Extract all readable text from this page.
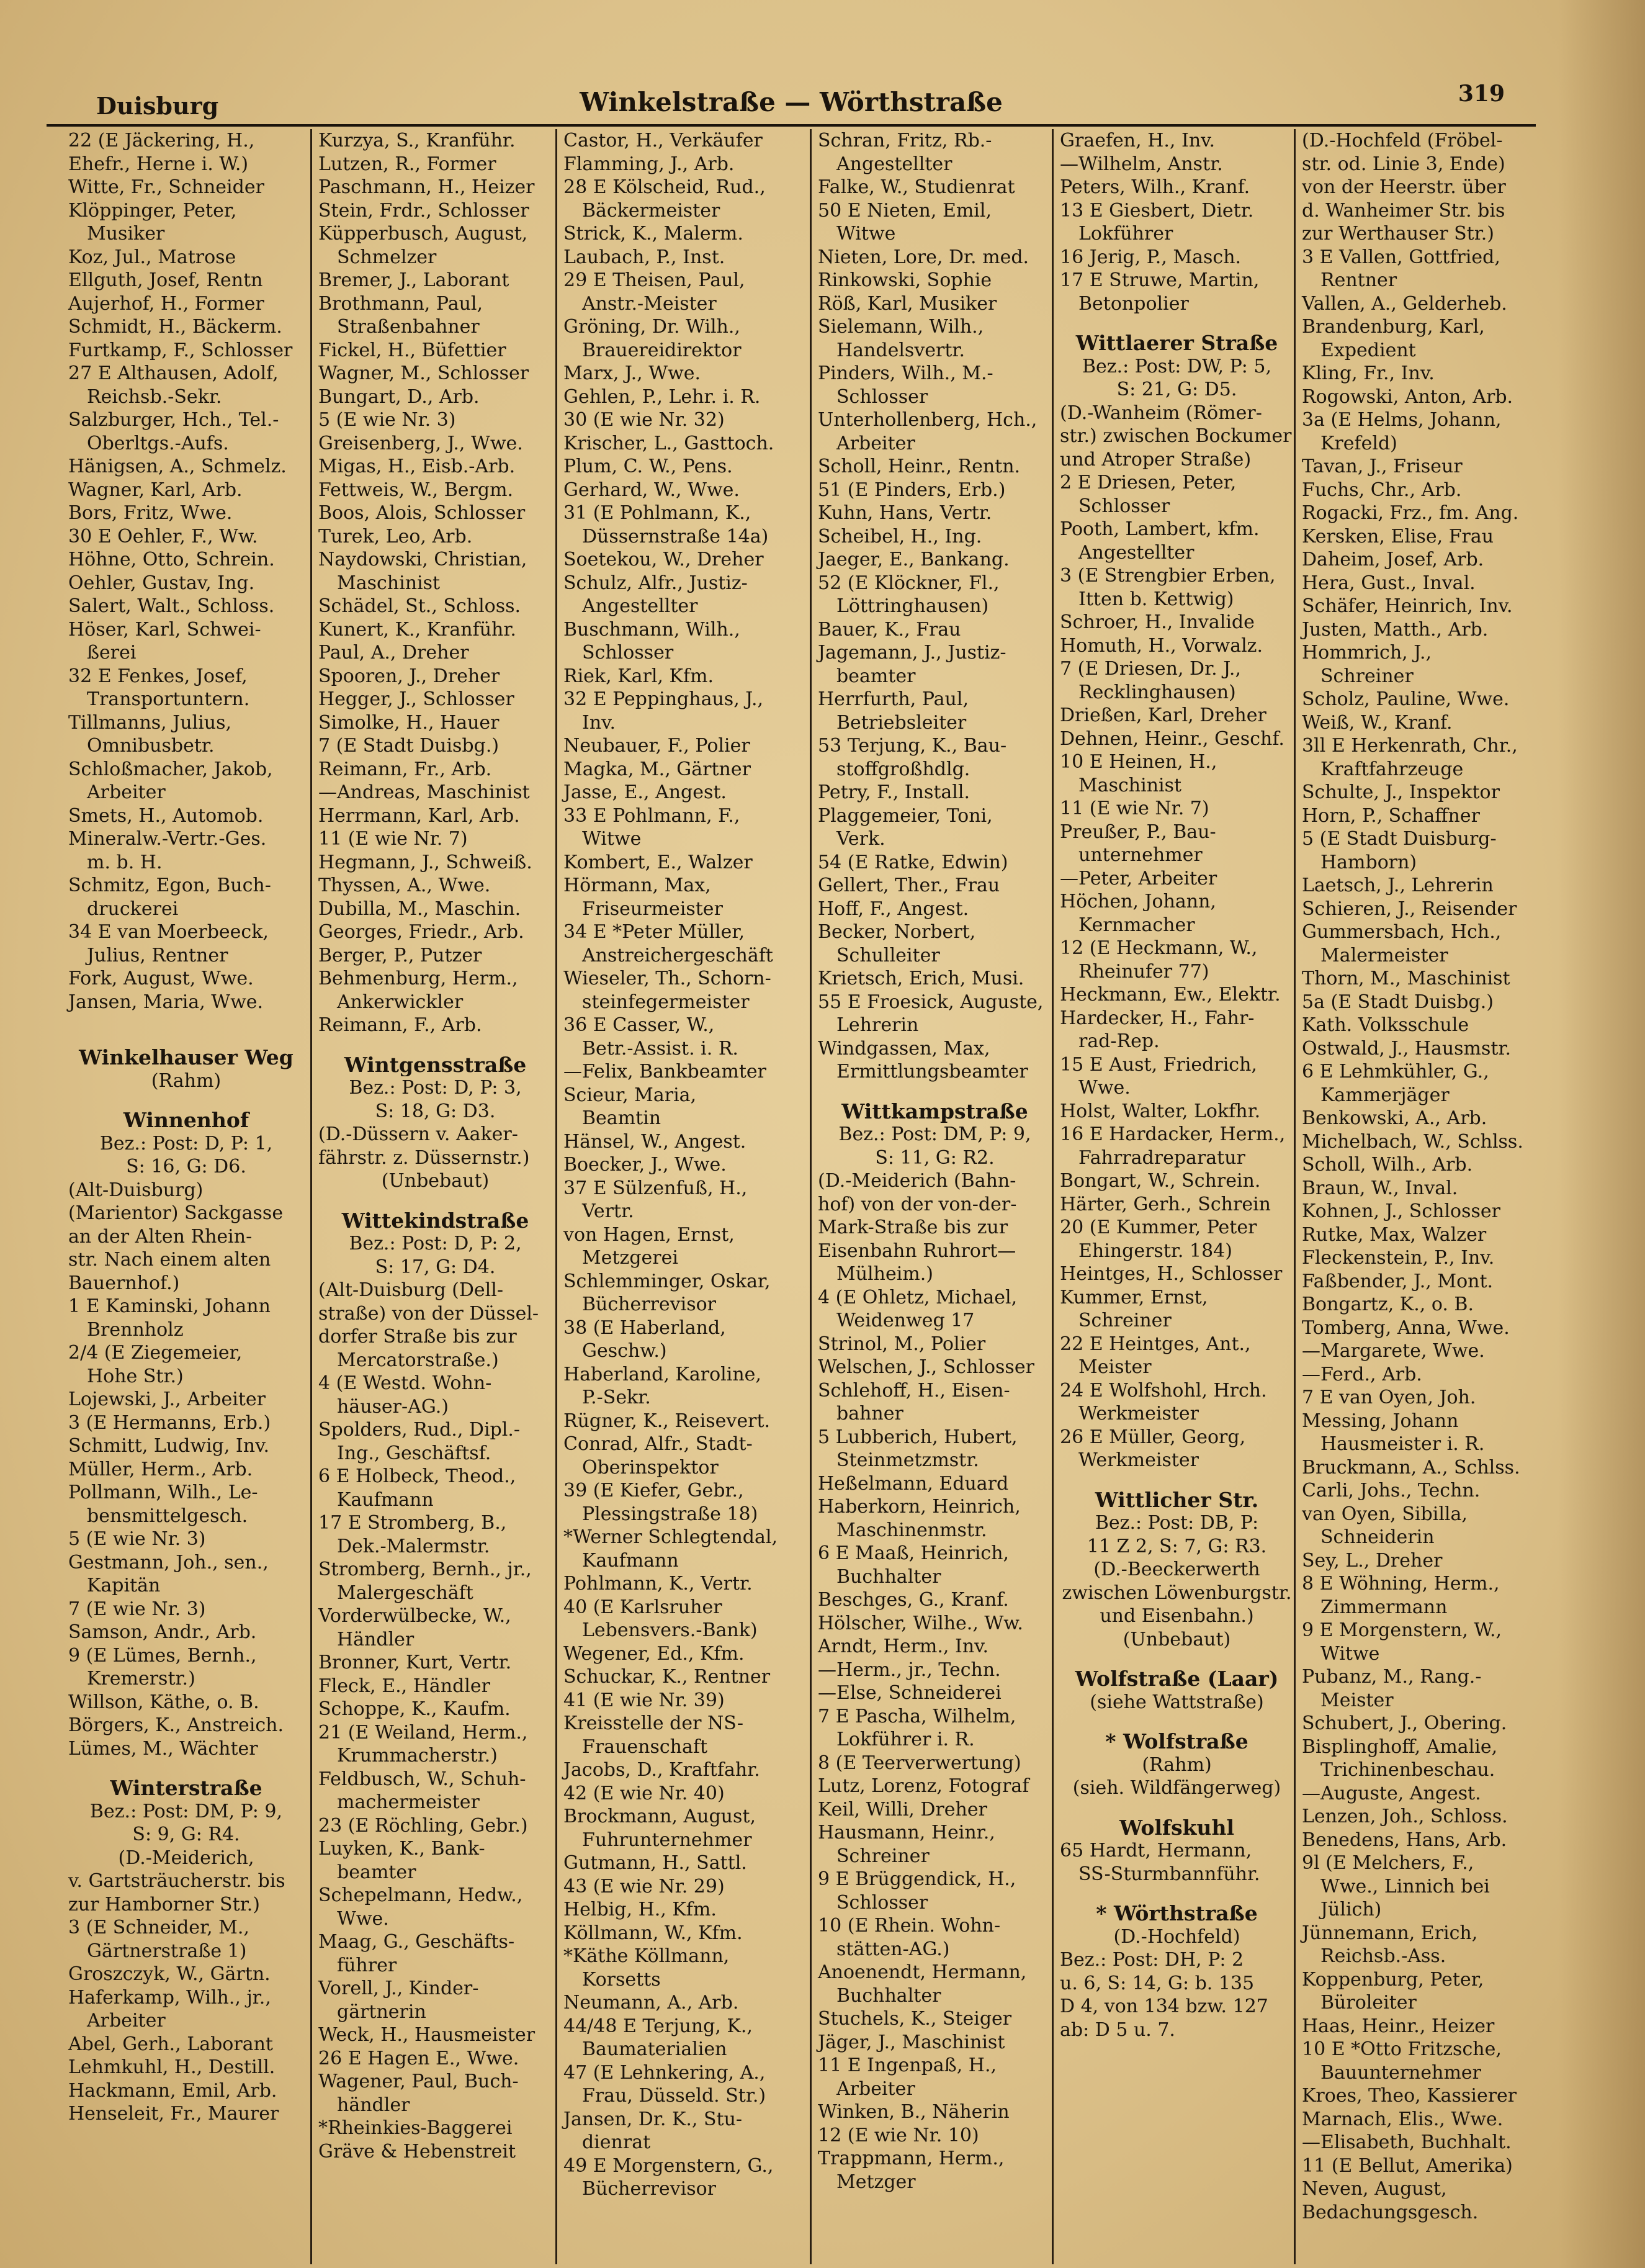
Duisburg	Winkelstraße — Wörthstraße	319
22 (E Jäckering, H.,
Ehefr., Herne i. W.)
Witte, Fr., Schneider
Klöppinger, Peter,
Musiker
Koz, Jul., Matrose
Ellguth, Josef, Rentn
Aujerhof, H., Former
Schmidt, H., Bäckerm.
Furtkamp, F., Schlosser
27 E Althausen, Adolf,
Reichsb.-Sekr.
Salzburger, Hch., Tel.-
Oberltgs.-Aufs.
Hänigsen, A., Schmelz.
Wagner, Karl, Arb.
Bors, Fritz, Wwe.
30 E Oehler, F., Ww.
Höhne, Otto, Schrein.
Oehler, Gustav, Ing.
Salert, Walt., Schloss.
Höser, Karl, Schwei-
ßerei
32 E Fenkes, Josef,
Transportuntern.
Tillmanns, Julius,
Omnibusbetr.
Schloßmacher, Jakob,
Arbeiter
Smets, H., Automob.
Mineralw.-Vertr.-Ges.
m. b. H.
Schmitz, Egon, Buch-
druckerei
34 E van Moerbeeck,
Julius, Rentner
Fork, August, Wwe.
Jansen, Maria, Wwe.
Winkelhauser Weg
(Rahm)
Winnenhof
Bez.: Post: D, P: 1,
S: 16, G: D6.
(Alt-Duisburg)
(Marientor) Sackgasse
an der Alten Rhein-
str. Nach einem alten
Bauernhof.)
1 E Kaminski, Johann
Brennholz
2/4 (E Ziegemeier,
Hohe Str.)
Lojewski, J., Arbeiter
3 (E Hermanns, Erb.)
Schmitt, Ludwig, Inv.
Müller, Herm., Arb.
Pollmann, Wilh., Le-
bensmittelgesch.
5 (E wie Nr. 3)
Gestmann, Joh., sen.,
Kapitän
7 (E wie Nr. 3)
Samson, Andr., Arb.
9 (E Lümes, Bernh.,
Kremerstr.)
Willson, Käthe, o. B.
Börgers, K., Anstreich.
Lümes, M., Wächter
Winterstraße
Bez.: Post: DM, P: 9,
S: 9, G: R4.
(D.-Meiderich,
v. Gartsträucherstr. bis
zur Hamborner Str.)
3 (E Schneider, M.,
Gärtnerstraße 1)
Groszczyk, W., Gärtn.
Haferkamp, Wilh., jr.,
Arbeiter
Abel, Gerh., Laborant
Lehmkuhl, H., Destill.
Hackmann, Emil, Arb.
Henseleit, Fr., Maurer
Kurzya, S., Kranführ.
Lutzen, R., Former
Paschmann, H., Heizer
Stein, Frdr., Schlosser
Küpperbusch, August,
Schmelzer
Bremer, J., Laborant
Brothmann, Paul,
Straßenbahner
Fickel, H., Büfettier
Wagner, M., Schlosser
Bungart, D., Arb.
5 (E wie Nr. 3)
Greisenberg, J., Wwe.
Migas, H., Eisb.-Arb.
Fettweis, W., Bergm.
Boos, Alois, Schlosser
Turek, Leo, Arb.
Naydowski, Christian,
Maschinist
Schädel, St., Schloss.
Kunert, K., Kranführ.
Paul, A., Dreher
Spooren, J., Dreher
Hegger, J., Schlosser
Simolke, H., Hauer
7 (E Stadt Duisbg.)
Reimann, Fr., Arb.
—Andreas, Maschinist
Herrmann, Karl, Arb.
11 (E wie Nr. 7)
Hegmann, J., Schweiß.
Thyssen, A., Wwe.
Dubilla, M., Maschin.
Georges, Friedr., Arb.
Berger, P., Putzer
Behmenburg, Herm.,
Ankerwickler
Reimann, F., Arb.
Wintgensstraße
Bez.: Post: D, P: 3,
S: 18, G: D3.
(D.-Düssern v. Aaker-
fährstr. z. Düssernstr.)
(Unbebaut)
Wittekindstraße
Bez.: Post: D, P: 2,
S: 17, G: D4.
(Alt-Duisburg (Dell-
straße) von der Düssel-
dorfer Straße bis zur
Mercatorstraße.)
4 (E Westd. Wohn-
häuser-AG.)
Spolders, Rud., Dipl.-
Ing., Geschäftsf.
6 E Holbeck, Theod.,
Kaufmann
17 E Stromberg, B.,
Dek.-Malermstr.
Stromberg, Bernh., jr.,
Malergeschäft
Vorderwülbecke, W.,
Händler
Bronner, Kurt, Vertr.
Fleck, E., Händler
Schoppe, K., Kaufm.
21 (E Weiland, Herm.,
Krummacherstr.)
Feldbusch, W., Schuh-
machermeister
23 (E Röchling, Gebr.)
Luyken, K., Bank-
beamter
Schepelmann, Hedw.,
Wwe.
Maag, G., Geschäfts-
führer
Vorell, J., Kinder-
gärtnerin
Weck, H., Hausmeister
26 E Hagen E., Wwe.
Wagener, Paul, Buch-
händler
*Rheinkies-Baggerei
Gräve & Hebenstreit
Castor, H., Verkäufer
Flamming, J., Arb.
28 E Kölscheid, Rud.,
Bäckermeister
Strick, K., Malerm.
Laubach, P., Inst.
29 E Theisen, Paul,
Anstr.-Meister
Gröning, Dr. Wilh.,
Brauereidirektor
Marx, J., Wwe.
Gehlen, P., Lehr. i. R.
30 (E wie Nr. 32)
Krischer, L., Gasttoch.
Plum, C. W., Pens.
Gerhard, W., Wwe.
31 (E Pohlmann, K.,
Düssernstraße 14a)
Soetekou, W., Dreher
Schulz, Alfr., Justiz-
Angestellter
Buschmann, Wilh.,
Schlosser
Riek, Karl, Kfm.
32 E Peppinghaus, J.,
Inv.
Neubauer, F., Polier
Magka, M., Gärtner
Jasse, E., Angest.
33 E Pohlmann, F.,
Witwe
Kombert, E., Walzer
Hörmann, Max,
Friseurmeister
34 E *Peter Müller,
Anstreichergeschäft
Wieseler, Th., Schorn-
steinfegermeister
36 E Casser, W.,
Betr.-Assist. i. R.
—Felix, Bankbeamter
Scieur, Maria,
Beamtin
Hänsel, W., Angest.
Boecker, J., Wwe.
37 E Sülzenfuß, H.,
Vertr.
von Hagen, Ernst,
Metzgerei
Schlemminger, Oskar,
Bücherrevisor
38 (E Haberland,
Geschw.)
Haberland, Karoline,
P.-Sekr.
Rügner, K., Reisevert.
Conrad, Alfr., Stadt-
Oberinspektor
39 (E Kiefer, Gebr.,
Plessingstraße 18)
*Werner Schlegtendal,
Kaufmann
Pohlmann, K., Vertr.
40 (E Karlsruher
Lebensvers.-Bank)
Wegener, Ed., Kfm.
Schuckar, K., Rentner
41 (E wie Nr. 39)
Kreisstelle der NS-
Frauenschaft
Jacobs, D., Kraftfahr.
42 (E wie Nr. 40)
Brockmann, August,
Fuhrunternehmer
Gutmann, H., Sattl.
43 (E wie Nr. 29)
Helbig, H., Kfm.
Köllmann, W., Kfm.
*Käthe Köllmann,
Korsetts
Neumann, A., Arb.
44/48 E Terjung, K.,
Baumaterialien
47 (E Lehnkering, A.,
Frau, Düsseld. Str.)
Jansen, Dr. K., Stu-
dienrat
49 E Morgenstern, G.,
Bücherrevisor
Schran, Fritz, Rb.-
Angestellter
Falke, W., Studienrat
50 E Nieten, Emil,
Witwe
Nieten, Lore, Dr. med.
Rinkowski, Sophie
Röß, Karl, Musiker
Sielemann, Wilh.,
Handelsvertr.
Pinders, Wilh., M.-
Schlosser
Unterhollenberg, Hch.,
Arbeiter
Scholl, Heinr., Rentn.
51 (E Pinders, Erb.)
Kuhn, Hans, Vertr.
Scheibel, H., Ing.
Jaeger, E., Bankang.
52 (E Klöckner, Fl.,
Löttringhausen)
Bauer, K., Frau
Jagemann, J., Justiz-
beamter
Herrfurth, Paul,
Betriebsleiter
53 Terjung, K., Bau-
stoffgroßhdlg.
Petry, F., Install.
Plaggemeier, Toni,
Verk.
54 (E Ratke, Edwin)
Gellert, Ther., Frau
Hoff, F., Angest.
Becker, Norbert,
Schulleiter
Krietsch, Erich, Musi.
55 E Froesick, Auguste,
Lehrerin
Windgassen, Max,
Ermittlungsbeamter
Wittkampstraße
Bez.: Post: DM, P: 9,
S: 11, G: R2.
(D.-Meiderich (Bahn-
hof) von der von-der-
Mark-Straße bis zur
Eisenbahn Ruhrort—
Mülheim.)
4 (E Ohletz, Michael,
Weidenweg 17
Strinol, M., Polier
Welschen, J., Schlosser
Schlehoff, H., Eisen-
bahner
5 Lubberich, Hubert,
Steinmetzmstr.
Heßelmann, Eduard
Haberkorn, Heinrich,
Maschinenmstr.
6 E Maaß, Heinrich,
Buchhalter
Beschges, G., Kranf.
Hölscher, Wilhe., Ww.
Arndt, Herm., Inv.
—Herm., jr., Techn.
—Else, Schneiderei
7 E Pascha, Wilhelm,
Lokführer i. R.
8 (E Teerverwertung)
Lutz, Lorenz, Fotograf
Keil, Willi, Dreher
Hausmann, Heinr.,
Schreiner
9 E Brüggendick, H.,
Schlosser
10 (E Rhein. Wohn-
stätten-AG.)
Anoenendt, Hermann,
Buchhalter
Stuchels, K., Steiger
Jäger, J., Maschinist
11 E Ingenpaß, H.,
Arbeiter
Winken, B., Näherin
12 (E wie Nr. 10)
Trappmann, Herm.,
Metzger
Graefen, H., Inv.
—Wilhelm, Anstr.
Peters, Wilh., Kranf.
13 E Giesbert, Dietr.
Lokführer
16 Jerig, P., Masch.
17 E Struwe, Martin,
Betonpolier
Wittlaerer Straße
Bez.: Post: DW, P: 5,
S: 21, G: D5.
(D.-Wanheim (Römer-
str.) zwischen Bockumer
und Atroper Straße)
2 E Driesen, Peter,
Schlosser
Pooth, Lambert, kfm.
Angestellter
3 (E Strengbier Erben,
Itten b. Kettwig)
Schroer, H., Invalide
Homuth, H., Vorwalz.
7 (E Driesen, Dr. J.,
Recklinghausen)
Drießen, Karl, Dreher
Dehnen, Heinr., Geschf.
10 E Heinen, H.,
Maschinist
11 (E wie Nr. 7)
Preußer, P., Bau-
unternehmer
—Peter, Arbeiter
Höchen, Johann,
Kernmacher
12 (E Heckmann, W.,
Rheinufer 77)
Heckmann, Ew., Elektr.
Hardecker, H., Fahr-
rad-Rep.
15 E Aust, Friedrich,
Wwe.
Holst, Walter, Lokfhr.
16 E Hardacker, Herm.,
Fahrradreparatur
Bongart, W., Schrein.
Härter, Gerh., Schrein
20 (E Kummer, Peter
Ehingerstr. 184)
Heintges, H., Schlosser
Kummer, Ernst,
Schreiner
22 E Heintges, Ant.,
Meister
24 E Wolfshohl, Hrch.
Werkmeister
26 E Müller, Georg,
Werkmeister
Wittlicher Str.
Bez.: Post: DB, P:
11 Z 2, S: 7, G: R3.
(D.-Beeckerwerth
zwischen Löwenburgstr.
und Eisenbahn.)
(Unbebaut)
Wolfstraße (Laar)
(siehe Wattstraße)
* Wolfstraße
(Rahm)
(sieh. Wildfängerweg)
Wolfskuhl
65 Hardt, Hermann,
SS-Sturmbannführ.
* Wörthstraße
(D.-Hochfeld)
Bez.: Post: DH, P: 2
u. 6, S: 14, G: b. 135
D 4, von 134 bzw. 127
ab: D 5 u. 7.
(D.-Hochfeld (Fröbel-
str. od. Linie 3, Ende)
von der Heerstr. über
d. Wanheimer Str. bis
zur Werthauser Str.)
3 E Vallen, Gottfried,
Rentner
Vallen, A., Gelderheb.
Brandenburg, Karl,
Expedient
Kling, Fr., Inv.
Rogowski, Anton, Arb.
3a (E Helms, Johann,
Krefeld)
Tavan, J., Friseur
Fuchs, Chr., Arb.
Rogacki, Frz., fm. Ang.
Kersken, Elise, Frau
Daheim, Josef, Arb.
Hera, Gust., Inval.
Schäfer, Heinrich, Inv.
Justen, Matth., Arb.
Hommrich, J.,
Schreiner
Scholz, Pauline, Wwe.
Weiß, W., Kranf.
3ll E Herkenrath, Chr.,
Kraftfahrzeuge
Schulte, J., Inspektor
Horn, P., Schaffner
5 (E Stadt Duisburg-
Hamborn)
Laetsch, J., Lehrerin
Schieren, J., Reisender
Gummersbach, Hch.,
Malermeister
Thorn, M., Maschinist
5a (E Stadt Duisbg.)
Kath. Volksschule
Ostwald, J., Hausmstr.
6 E Lehmkühler, G.,
Kammerjäger
Benkowski, A., Arb.
Michelbach, W., Schlss.
Scholl, Wilh., Arb.
Braun, W., Inval.
Kohnen, J., Schlosser
Rutke, Max, Walzer
Fleckenstein, P., Inv.
Faßbender, J., Mont.
Bongartz, K., o. B.
Tomberg, Anna, Wwe.
—Margarete, Wwe.
—Ferd., Arb.
7 E van Oyen, Joh.
Messing, Johann
Hausmeister i. R.
Bruckmann, A., Schlss.
Carli, Johs., Techn.
van Oyen, Sibilla,
Schneiderin
Sey, L., Dreher
8 E Wöhning, Herm.,
Zimmermann
9 E Morgenstern, W.,
Witwe
Pubanz, M., Rang.-
Meister
Schubert, J., Obering.
Bisplinghoff, Amalie,
Trichinenbeschau.
—Auguste, Angest.
Lenzen, Joh., Schloss.
Benedens, Hans, Arb.
9l (E Melchers, F.,
Wwe., Linnich bei
Jülich)
Jünnemann, Erich,
Reichsb.-Ass.
Koppenburg, Peter,
Büroleiter
Haas, Heinr., Heizer
10 E *Otto Fritzsche,
Bauunternehmer
Kroes, Theo, Kassierer
Marnach, Elis., Wwe.
—Elisabeth, Buchhalt.
11 (E Bellut, Amerika)
Neven, August,
Bedachungsgesch.
